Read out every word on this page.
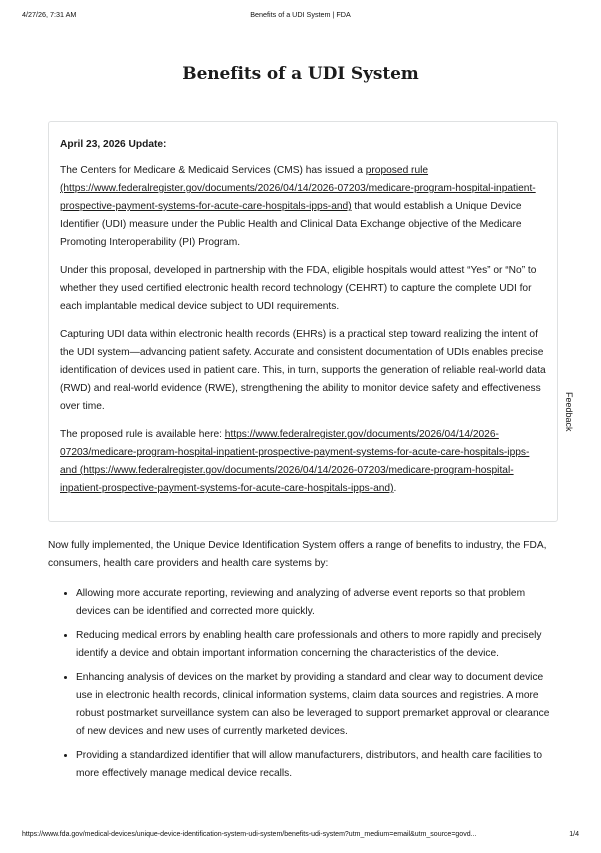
4/27/26, 7:31 AM	Benefits of a UDI System | FDA
Benefits of a UDI System

April 23, 2026 Update:

The Centers for Medicare & Medicaid Services (CMS) has issued a proposed rule (https://www.federalregister.gov/documents/2026/04/14/2026-07203/medicare-program-hospital-inpatient-prospective-payment-systems-for-acute-care-hospitals-ipps-and) that would establish a Unique Device Identifier (UDI) measure under the Public Health and Clinical Data Exchange objective of the Medicare Promoting Interoperability (PI) Program.

Under this proposal, developed in partnership with the FDA, eligible hospitals would attest “Yes” or “No” to whether they used certified electronic health record technology (CEHRT) to capture the complete UDI for each implantable medical device subject to UDI requirements.

Capturing UDI data within electronic health records (EHRs) is a practical step toward realizing the intent of the UDI system—advancing patient safety. Accurate and consistent documentation of UDIs enables precise identification of devices used in patient care. This, in turn, supports the generation of reliable real-world data (RWD) and real-world evidence (RWE), strengthening the ability to monitor device safety and effectiveness over time.

The proposed rule is available here: https://www.federalregister.gov/documents/2026/04/14/2026-07203/medicare-program-hospital-inpatient-prospective-payment-systems-for-acute-care-hospitals-ipps-and (https://www.federalregister.gov/documents/2026/04/14/2026-07203/medicare-program-hospital-inpatient-prospective-payment-systems-for-acute-care-hospitals-ipps-and).

Now fully implemented, the Unique Device Identification System offers a range of benefits to industry, the FDA, consumers, health care providers and health care systems by:

• Allowing more accurate reporting, reviewing and analyzing of adverse event reports so that problem devices can be identified and corrected more quickly.
• Reducing medical errors by enabling health care professionals and others to more rapidly and precisely identify a device and obtain important information concerning the characteristics of the device.
• Enhancing analysis of devices on the market by providing a standard and clear way to document device use in electronic health records, clinical information systems, claim data sources and registries. A more robust postmarket surveillance system can also be leveraged to support premarket approval or clearance of new devices and new uses of currently marketed devices.
• Providing a standardized identifier that will allow manufacturers, distributors, and health care facilities to more effectively manage medical device recalls.
Feedback
https://www.fda.gov/medical-devices/unique-device-identification-system-udi-system/benefits-udi-system?utm_medium=email&utm_source=govd...	1/4
